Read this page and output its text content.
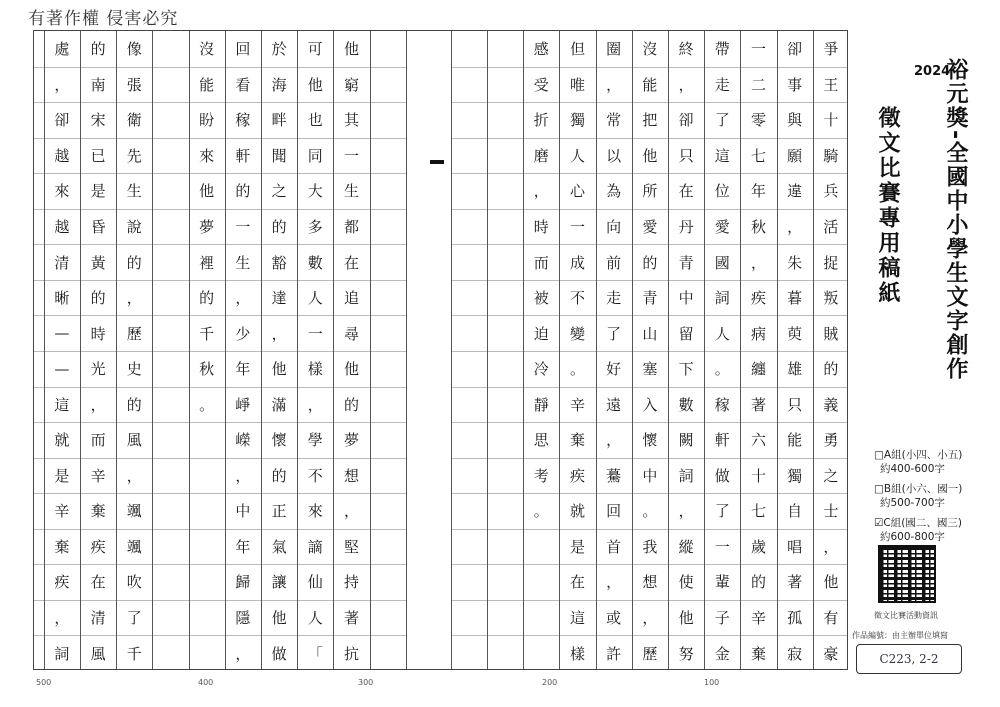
有著作權 侵害必究
爭
王
十
騎
兵
活
捉
叛
賊
的
義
勇
之
士
，
他
有
豪
卻
事
與
願
違
，
朱
暮
萸
雄
只
能
獨
自
唱
著
孤
寂
一
二
零
七
年
秋
，
疾
病
纏
著
六
十
七
歲
的
辛
棄
帶
走
了
這
位
愛
國
詞
人
。
稼
軒
做
了
一
輩
子
金
終
，
卻
只
在
丹
青
中
留
下
數
闕
詞
，
縱
使
他
努
沒
能
把
他
所
愛
的
青
山
塞
入
懷
中
。
我
想
，
歷
圈
，
常
以
為
向
前
走
了
好
遠
，
驀
回
首
，
或
許
但
唯
獨
人
心
一
成
不
變
。
辛
棄
疾
就
是
在
這
樣
感
受
折
磨
，
時
而
被
迫
冷
靜
思
考
。
他
窮
其
一
生
都
在
追
尋
他
的
夢
想
，
堅
持
著
抗
可
他
也
同
大
多
數
人
一
樣
，
學
不
來
謫
仙
人
「
於
海
畔
聞
之
的
豁
達
，
他
滿
懷
的
正
氣
讓
他
做
回
看
稼
軒
的
一
生
，
少
年
崢
嶸
，
中
年
歸
隱
，
沒
能
盼
來
他
夢
裡
的
千
秋
。
像
張
衛
先
生
說
的
，
歷
史
的
風
，
颯
颯
吹
了
千
的
南
宋
已
是
昏
黃
的
時
光
，
而
辛
棄
疾
在
清
風
處
，
卻
越
來
越
清
晰
—
—
這
就
是
辛
棄
疾
，
詞
500	400	300	200	100
2024
裕元獎-全國中小學生文字創作
徵文比賽專用稿紙
□A組(小四、小五)
約400-600字
□B組(小六、國一)
約500-700字
☑C組(國二、國三)
約600-800字
徵文比賽活動資訊
作品編號：由主辦單位填寫
C223, 2-2
